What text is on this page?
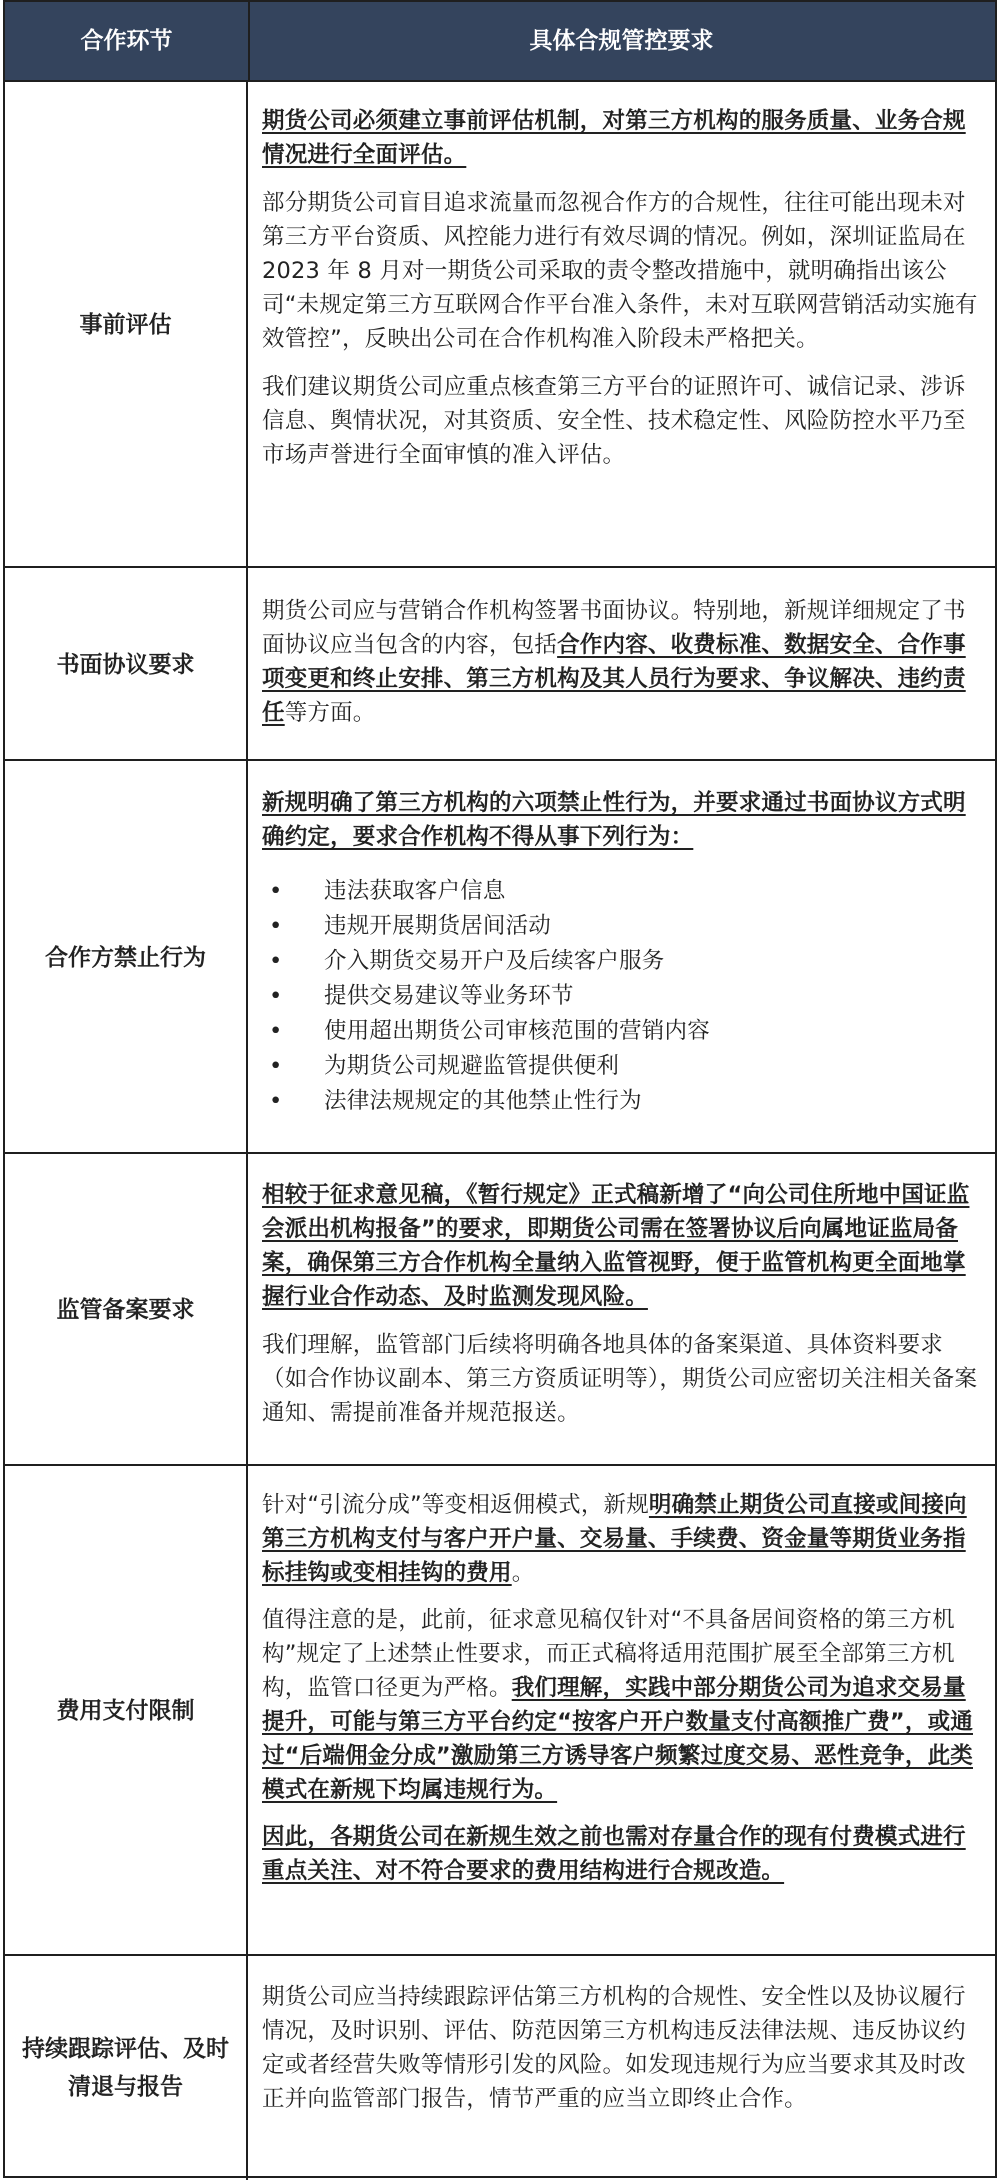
合作环节	具体合规管控要求
事前评估

期货公司必须建立事前评估机制，对第三方机构的服务质量、业务合规情况进行全面评估。

部分期货公司盲目追求流量而忽视合作方的合规性，往往可能出现未对第三方平台资质、风控能力进行有效尽调的情况。例如，深圳证监局在 2023 年 8 月对一期货公司采取的责令整改措施中，就明确指出该公司“未规定第三方互联网合作平台准入条件，未对互联网营销活动实施有效管控”，反映出公司在合作机构准入阶段未严格把关。

我们建议期货公司应重点核查第三方平台的证照许可、诚信记录、涉诉信息、舆情状况，对其资质、安全性、技术稳定性、风险防控水平乃至市场声誉进行全面审慎的准入评估。

书面协议要求

期货公司应与营销合作机构签署书面协议。特别地，新规详细规定了书面协议应当包含的内容，包括合作内容、收费标准、数据安全、合作事项变更和终止安排、第三方机构及其人员行为要求、争议解决、违约责任等方面。

合作方禁止行为

新规明确了第三方机构的六项禁止性行为，并要求通过书面协议方式明确约定，要求合作机构不得从事下列行为：

• 违法获取客户信息
• 违规开展期货居间活动
• 介入期货交易开户及后续客户服务
• 提供交易建议等业务环节
• 使用超出期货公司审核范围的营销内容
• 为期货公司规避监管提供便利
• 法律法规规定的其他禁止性行为
监管备案要求

相较于征求意见稿，《暂行规定》正式稿新增了“向公司住所地中国证监会派出机构报备”的要求，即期货公司需在签署协议后向属地证监局备案，确保第三方合作机构全量纳入监管视野，便于监管机构更全面地掌握行业合作动态、及时监测发现风险。

我们理解，监管部门后续将明确各地具体的备案渠道、具体资料要求（如合作协议副本、第三方资质证明等），期货公司应密切关注相关备案通知、需提前准备并规范报送。

费用支付限制

针对“引流分成”等变相返佣模式，新规明确禁止期货公司直接或间接向第三方机构支付与客户开户量、交易量、手续费、资金量等期货业务指标挂钩或变相挂钩的费用。

值得注意的是，此前，征求意见稿仅针对“不具备居间资格的第三方机构”规定了上述禁止性要求，而正式稿将适用范围扩展至全部第三方机构，监管口径更为严格。我们理解，实践中部分期货公司为追求交易量提升，可能与第三方平台约定“按客户开户数量支付高额推广费”，或通过“后端佣金分成”激励第三方诱导客户频繁过度交易、恶性竞争，此类模式在新规下均属违规行为。

因此，各期货公司在新规生效之前也需对存量合作的现有付费模式进行重点关注、对不符合要求的费用结构进行合规改造。

持续跟踪评估、及时清退与报告

期货公司应当持续跟踪评估第三方机构的合规性、安全性以及协议履行情况，及时识别、评估、防范因第三方机构违反法律法规、违反协议约定或者经营失败等情形引发的风险。如发现违规行为应当要求其及时改正并向监管部门报告，情节严重的应当立即终止合作。
